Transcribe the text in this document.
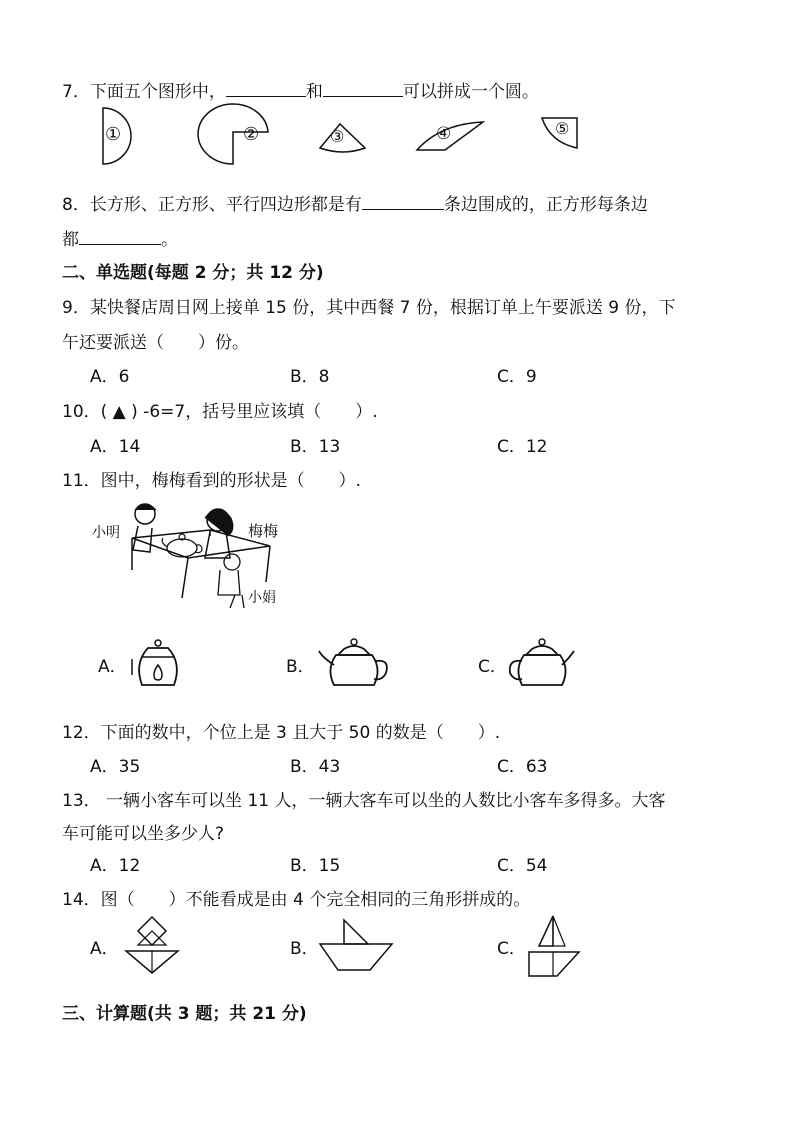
7．下面五个图形中，	和	可以拼成一个圆。
①	②	③	④	⑤
8．长方形、正方形、平行四边形都是有	条边围成的，正方形每条边
都	。
二、单选题(每题 2 分；共 12 分)
9．某快餐店周日网上接单 15 份，其中西餐 7 份，根据订单上午要派送 9 份，下
午还要派送（　　）份。
A．6	B．8	C．9
10．( ▲ ) -6=7，括号里应该填（　　）.
A．14	B．13	C．12
11．图中，梅梅看到的形状是（　　）.
小明	梅梅
小娟
A．	B．	C．
12．下面的数中，个位上是 3 且大于 50 的数是（　　）.
A．35	B．43	C．63
13． 一辆小客车可以坐 11 人，一辆大客车可以坐的人数比小客车多得多。大客
车可能可以坐多少人?
A．12	B．15	C．54
14．图（　　）不能看成是由 4 个完全相同的三角形拼成的。
A．	B．	C．
三、计算题(共 3 题；共 21 分)
